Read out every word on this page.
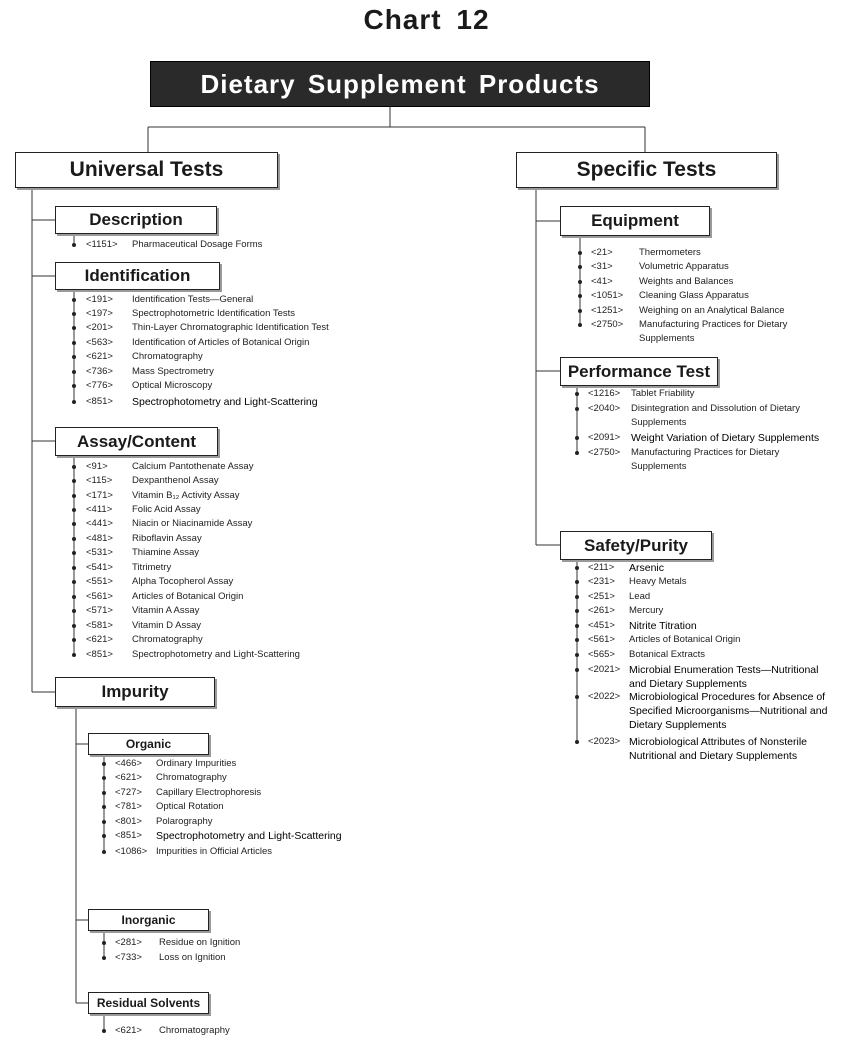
Chart 12
Dietary Supplement Products
Universal Tests	Specific Tests
Description
Identification
Assay/Content
Impurity
Organic
Inorganic
Residual Solvents
Equipment
Performance Test
Safety/Purity
<1151> Pharmaceutical Dosage Forms
<191> Identification Tests—General
<197> Spectrophotometric Identification Tests
<201> Thin-Layer Chromatographic Identification Test
<563> Identification of Articles of Botanical Origin
<621> Chromatography
<736> Mass Spectrometry
<776> Optical Microscopy
<851> Spectrophotometry and Light-Scattering
<91>	Calcium Pantothenate Assay
<115> Dexpanthenol Assay
<171> Vitamin B₁₂ Activity Assay
<411> Folic Acid Assay
<441> Niacin or Niacinamide Assay
<481> Riboflavin Assay
<531> Thiamine Assay
<541> Titrimetry
<551> Alpha Tocopherol Assay
<561> Articles of Botanical Origin
<571> Vitamin A Assay
<581> Vitamin D Assay
<621> Chromatography
<851> Spectrophotometry and Light-Scattering
<466> Ordinary Impurities
<621> Chromatography
<727> Capillary Electrophoresis
<781> Optical Rotation
<801> Polarography
<851> Spectrophotometry and Light-Scattering
<1086> Impurities in Official Articles
<281> Residue on Ignition
<733> Loss on Ignition
<621> Chromatography
<21>	Thermometers
<31>	Volumetric Apparatus
<41>	Weights and Balances
<1051> Cleaning Glass Apparatus
<1251> Weighing on an Analytical Balance
<2750> Manufacturing Practices for Dietary Supplements
<1216> Tablet Friability
<2040> Disintegration and Dissolution of Dietary Supplements
<2091> Weight Variation of Dietary Supplements
<2750> Manufacturing Practices for Dietary Supplements
<211> Arsenic
<231> Heavy Metals
<251> Lead
<261> Mercury
<451> Nitrite Titration
<561> Articles of Botanical Origin
<565> Botanical Extracts
<2021> Microbial Enumeration Tests—Nutritional and Dietary Supplements
<2022> Microbiological Procedures for Absence of Specified Microorganisms—Nutritional and Dietary Supplements
<2023> Microbiological Attributes of Nonsterile Nutritional and Dietary Supplements
